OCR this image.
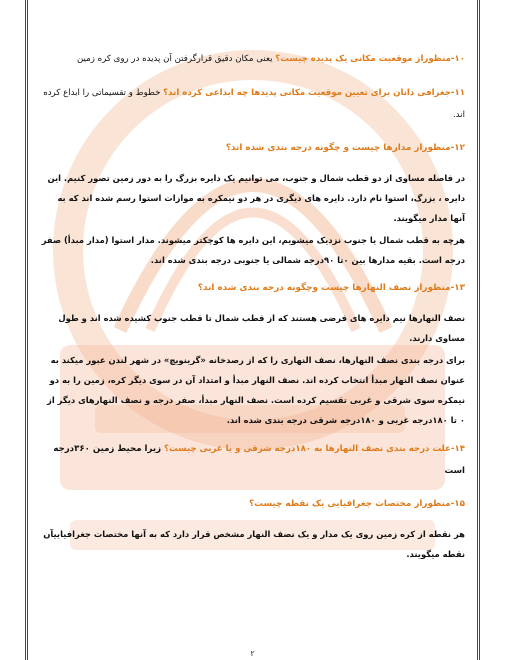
۱۰-منظوراز موقعیت مکانی یک پدیده چیست؟ یعنی مکان دقیق قرارگرفتن آن پدیده در روی کره زمین

۱۱-جغرافی دانان برای تعیین موقعیت مکانی پدیدها چه ابداعی کرده اند؟ خطوط و تقسیماتی را ابداع کرده اند.

۱۲-منظوراز مدارها چیست و چگونه درجه بندی شده اند؟

در فاصله مساوی از دو قطب شمال و جنوب، می توانیم یک دایره بزرگ را به دور زمین تصور کنیم. این دایره ، بزرگ، استوا نام دارد. دایره های دیگری در هر دو نیمکره به موازات استوا رسم شده اند که به آنها مدار میگویند.

هرچه به قطب شمال یا جنوب نزدیک میشویم، این دایره ها کوچکتر میشوند. مدار استوا (مدار مبدأ) صفر درجه است. بقیه مدارها بین ۰تا ۹۰درجه شمالی یا جنوبی درجه بندی شده اند.

۱۳-منظوراز نصف النهارها چیست وچگونه درجه بندی شده اند؟

نصف النهارها نیم دایره های فرضی هستند که از قطب شمال تا قطب جنوب کشیده شده اند و طول مساوی دارند.

برای درجه بندی نصف النهارها، نصف النهاری را که از رصدخانه «گرینویچ» در شهر لندن عبور میکند به عنوان نصف النهار مبدأ انتخاب کرده اند. نصف النهار مبدأ و امتداد آن در سوی دیگر کره، زمین را به دو نیمکره سوی شرقی و غربی تقسیم کرده است. نصف النهار مبدأ، صفر درجه و نصف النهارهای دیگر از ۰ تا ۱۸۰درجه غربی و ۱۸۰درجه شرقی درجه بندی شده اند.

۱۴-علت درجه بندی نصف النهارها به ۱۸۰درجه شرقی و یا غربی چیست؟ زیرا محیط زمین ۳۶۰درجه است

۱۵-منظوراز مختصات جغرافیایی یک نقطه چیست؟

هر نقطه از کره زمین روی یک مدار و یک نصف النهار مشخص قرار دارد که به آنها مختصات جغرافیاییآن نقطه میگویند.

۲
